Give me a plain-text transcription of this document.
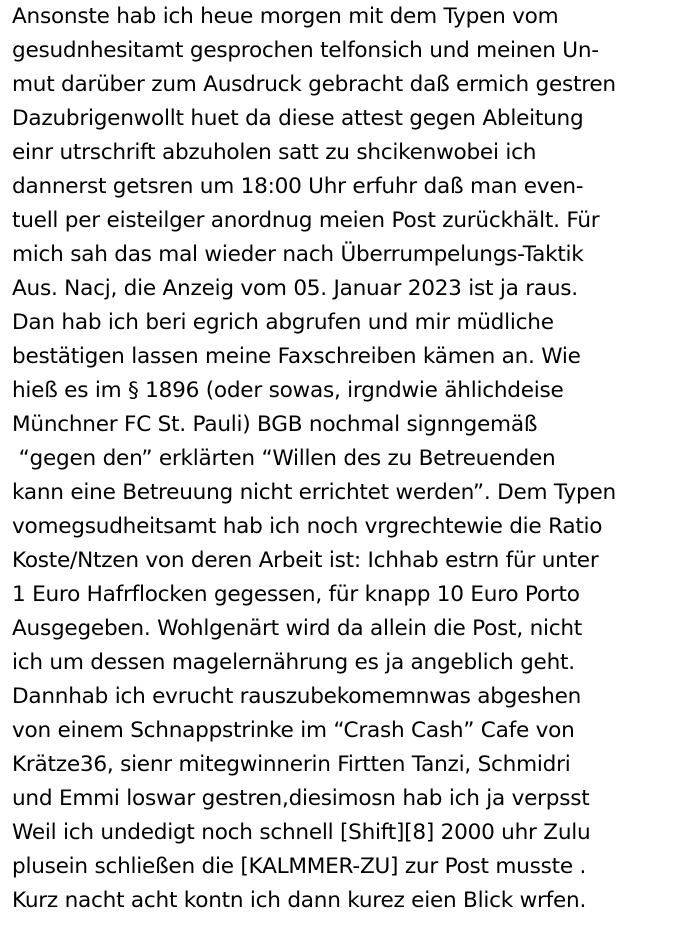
Ansonste hab ich heue morgen mit dem Typen vom
gesudnhesitamt gesprochen telfonsich und meinen Un-
mut darüber zum Ausdruck gebracht daß ermich gestren
Dazubrigenwollt huet da diese attest gegen Ableitung
einr utrschrift abzuholen satt zu shcikenwobei ich
dannerst getsren um 18:00 Uhr erfuhr daß man even-
tuell per eisteilger anordnug meien Post zurückhält. Für
mich sah das mal wieder nach Überrumpelungs-Taktik
Aus. Nacj, die Anzeig vom 05. Januar 2023 ist ja raus.
Dan hab ich beri egrich abgrufen und mir müdliche
bestätigen lassen meine Faxschreiben kämen an. Wie
hieß es im § 1896 (oder sowas, irgndwie ählichdeise
Münchner FC St. Pauli) BGB nochmal signngemäß
“gegen den” erklärten “Willen des zu Betreuenden
kann eine Betreuung nicht errichtet werden”. Dem Typen
vomegsudheitsamt hab ich noch vrgrechtewie die Ratio
Koste/Ntzen von deren Arbeit ist: Ichhab estrn für unter
1 Euro Hafrflocken gegessen, für knapp 10 Euro Porto
Ausgegeben. Wohlgenärt wird da allein die Post, nicht
ich um dessen magelernährung es ja angeblich geht.
Dannhab ich evrucht rauszubekomemnwas abgeshen
von einem Schnappstrinke im “Crash Cash” Cafe von
Krätze36, sienr mitegwinnerin Firtten Tanzi, Schmidri
und Emmi loswar gestren,diesimosn hab ich ja verpsst
Weil ich undedigt noch schnell [Shift][8] 2000 uhr Zulu
plusein schließen die [KALMMER-ZU] zur Post musste .
Kurz nacht acht kontn ich dann kurez eien Blick wrfen.
